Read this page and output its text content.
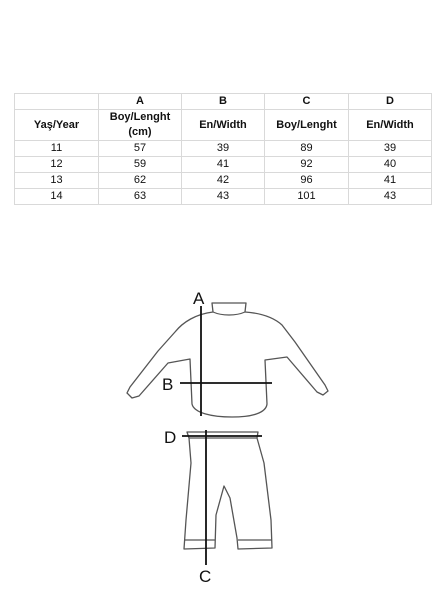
	A	B	C	D
Yaş/Year	Boy/Lenght (cm)	En/Width	Boy/Lenght	En/Width
11	57	39	89	39
12	59	41	92	40
13	62	42	96	41
14	63	43	101	43
A
B
D
C
